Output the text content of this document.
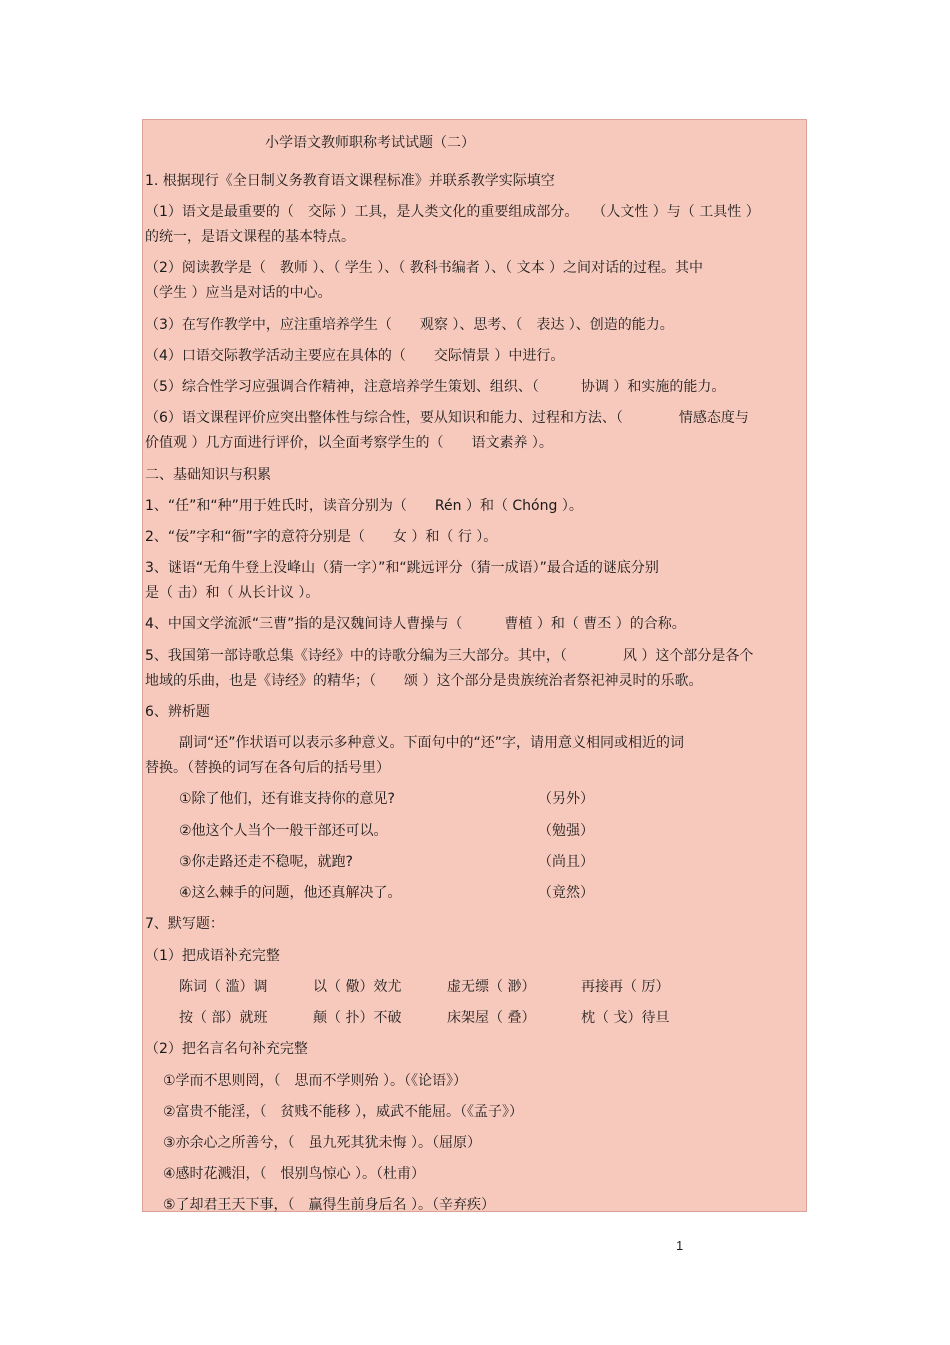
小学语文教师职称考试试题（二）
1. 根据现行《全日制义务教育语文课程标准》并联系教学实际填空
（1）语文是最重要的（　交际 ）工具，是人类文化的重要组成部分。　　（人文性 ）与（ 工具性 ）
的统一，是语文课程的基本特点。
（2）阅读教学是（　教师 ）、（ 学生 ）、（ 教科书编者 ）、（ 文本 ）之间对话的过程。其中
（学生 ）应当是对话的中心。
（3）在写作教学中，应注重培养学生（　　观察 ）、思考、（　表达 ）、创造的能力。
（4）口语交际教学活动主要应在具体的（　　交际情景 ）中进行。
（5）综合性学习应强调合作精神，注意培养学生策划、组织、（　　　协调 ）和实施的能力。
（6）语文课程评价应突出整体性与综合性，要从知识和能力、过程和方法、（　　　　情感态度与
价值观 ）几方面进行评价，以全面考察学生的（　　语文素养 ）。
二、基础知识与积累
1、“任”和“种”用于姓氏时，读音分别为（　　Rén ）和（ Chóng ）。
2、“佞”字和“衙”字的意符分别是（　　女 ）和（ 行 ）。
3、谜语“无角牛登上没峰山（猜一字）”和“跳远评分（猜一成语）”最合适的谜底分别
是（ 击）和（ 从长计议 ）。
4、中国文学流派“三曹”指的是汉魏间诗人曹操与（　　　曹植 ）和（ 曹丕 ）的合称。
5、我国第一部诗歌总集《诗经》中的诗歌分编为三大部分。其中，（　　　　风 ）这个部分是各个
地域的乐曲，也是《诗经》的精华；（　　颂 ）这个部分是贵族统治者祭祀神灵时的乐歌。
6、辨析题
副词“还”作状语可以表示多种意义。下面句中的“还”字，请用意义相同或相近的词
替换。（替换的词写在各句后的括号里）
①除了他们，还有谁支持你的意见?	（另外）
②他这个人当个一般干部还可以。	（勉强）
③你走路还走不稳呢，就跑?	（尚且）
④这么棘手的问题，他还真解决了。	（竟然）
7、默写题：
（1）把成语补充完整
陈词（ 滥）调	以（ 儆）效尤	虚无缥（ 渺）	再接再（ 厉）
按（ 部）就班	颠（ 扑）不破	床架屋（ 叠）	枕（ 戈）待旦
（2）把名言名句补充完整
①学而不思则罔，（　思而不学则殆 ）。（《论语》）
②富贵不能淫，（　贫贱不能移 ），威武不能屈。（《孟子》）
③亦余心之所善兮，（　虽九死其犹未悔 ）。（屈原）
④感时花溅泪，（　恨别鸟惊心 ）。（杜甫）
⑤了却君王天下事，（　赢得生前身后名 ）。（辛弃疾）
1
